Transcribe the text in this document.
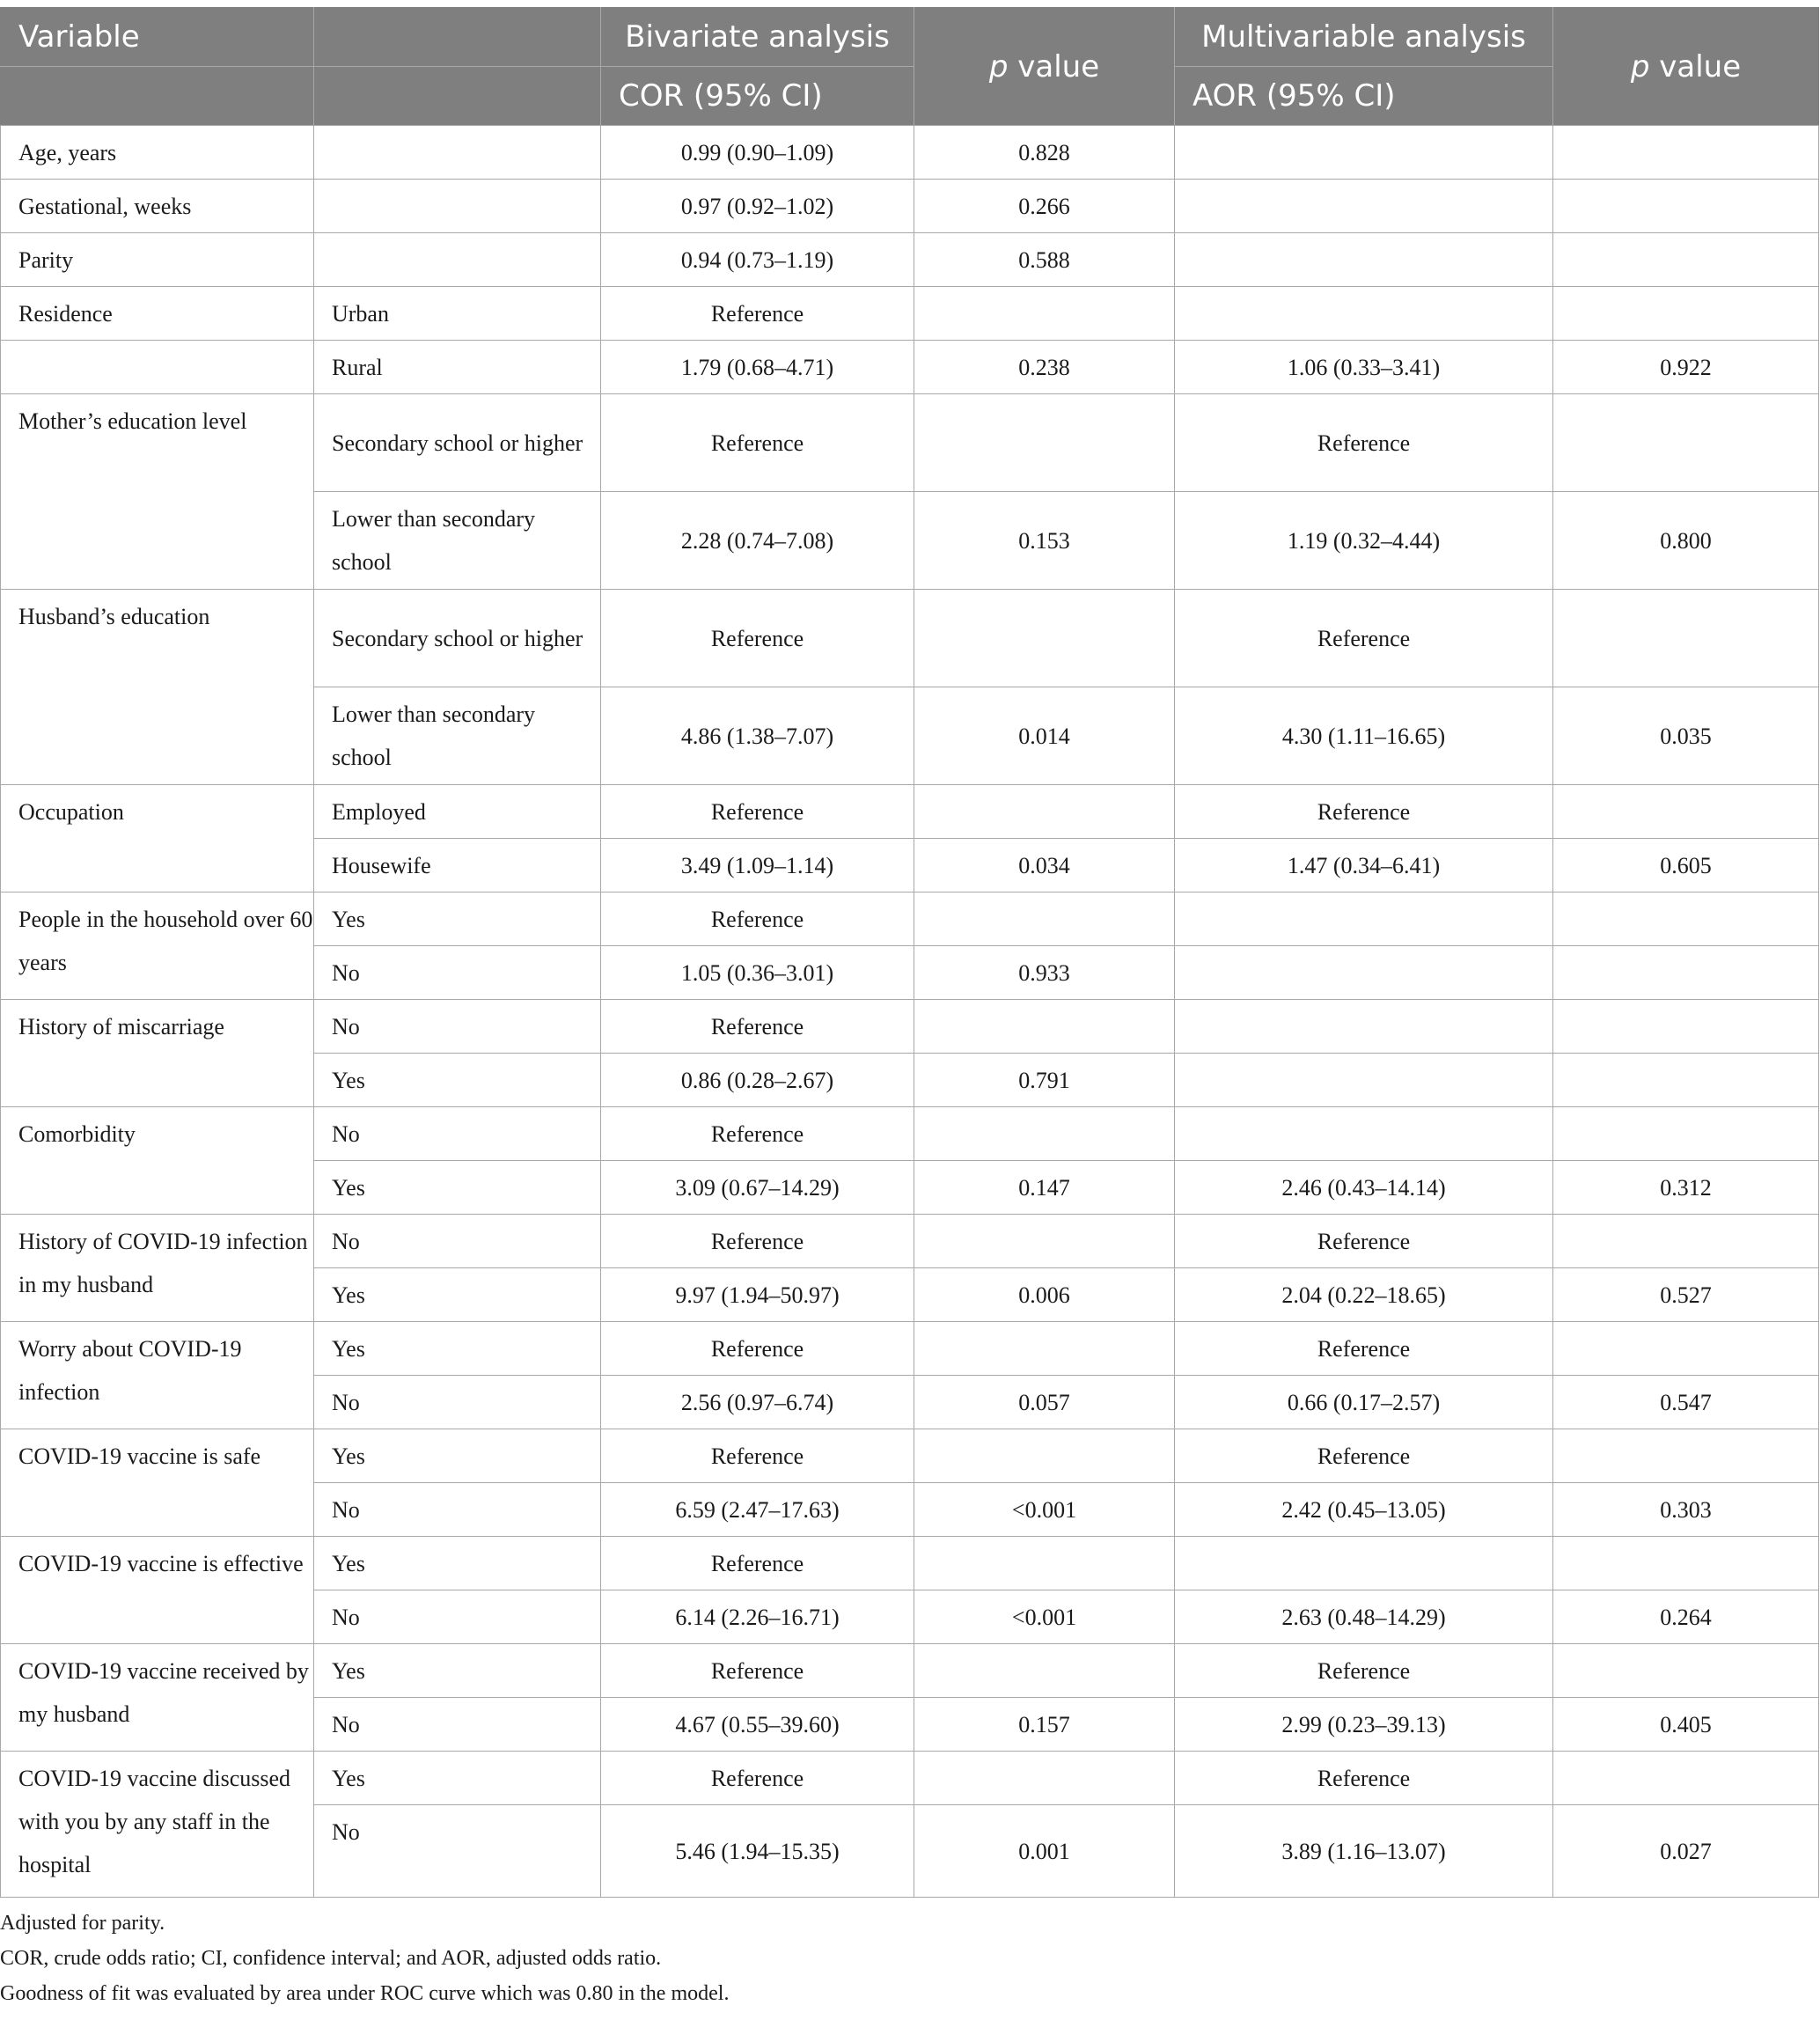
Variable		Bivariate analysis	p value	Multivariable analysis	p value
		COR (95% CI)		AOR (95% CI)	
Age, years		0.99 (0.90–1.09)	0.828		
Gestational, weeks		0.97 (0.92–1.02)	0.266		
Parity		0.94 (0.73–1.19)	0.588		
Residence	Urban	Reference			
	Rural	1.79 (0.68–4.71)	0.238	1.06 (0.33–3.41)	0.922
Mother’s education level	Secondary school or higher	Reference		Reference	
	Lower than secondary school	2.28 (0.74–7.08)	0.153	1.19 (0.32–4.44)	0.800
Husband’s education	Secondary school or higher	Reference		Reference	
	Lower than secondary school	4.86 (1.38–7.07)	0.014	4.30 (1.11–16.65)	0.035
Occupation	Employed	Reference		Reference	
	Housewife	3.49 (1.09–1.14)	0.034	1.47 (0.34–6.41)	0.605
People in the household over 60 years	Yes	Reference			
	No	1.05 (0.36–3.01)	0.933		
History of miscarriage	No	Reference			
	Yes	0.86 (0.28–2.67)	0.791		
Comorbidity	No	Reference			
	Yes	3.09 (0.67–14.29)	0.147	2.46 (0.43–14.14)	0.312
History of COVID-19 infection in my husband	No	Reference		Reference	
	Yes	9.97 (1.94–50.97)	0.006	2.04 (0.22–18.65)	0.527
Worry about COVID-19 infection	Yes	Reference		Reference	
	No	2.56 (0.97–6.74)	0.057	0.66 (0.17–2.57)	0.547
COVID-19 vaccine is safe	Yes	Reference		Reference	
	No	6.59 (2.47–17.63)	<0.001	2.42 (0.45–13.05)	0.303
COVID-19 vaccine is effective	Yes	Reference			
	No	6.14 (2.26–16.71)	<0.001	2.63 (0.48–14.29)	0.264
COVID-19 vaccine received by my husband	Yes	Reference		Reference	
	No	4.67 (0.55–39.60)	0.157	2.99 (0.23–39.13)	0.405
COVID-19 vaccine discussed with you by any staff in the hospital	Yes	Reference		Reference	
	No	5.46 (1.94–15.35)	0.001	3.89 (1.16–13.07)	0.027
Adjusted for parity.
COR, crude odds ratio; CI, confidence interval; and AOR, adjusted odds ratio.
Goodness of fit was evaluated by area under ROC curve which was 0.80 in the model.
